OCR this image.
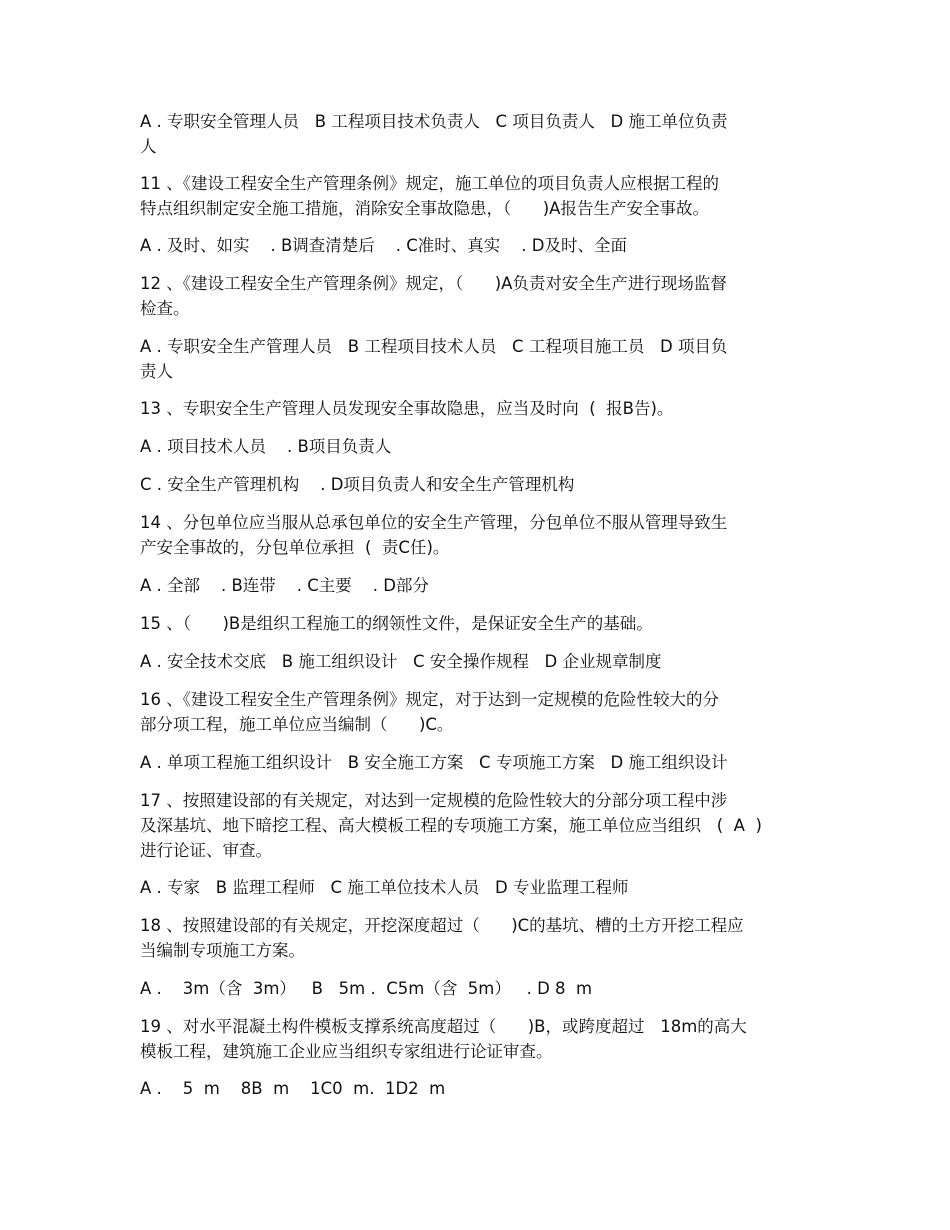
A . 专职安全管理人员   B 工程项目技术负责人   C 项目负责人   D 施工单位负责
人
11 、《建设工程安全生产管理条例》规定，施工单位的项目负责人应根据工程的
特点组织制定安全施工措施，消除安全事故隐患，（      )A报告生产安全事故。
A . 及时、如实    . B调查清楚后    . C准时、真实    . D及时、全面
12 、《建设工程安全生产管理条例》规定，（      )A负责对安全生产进行现场监督
检查。
A . 专职安全生产管理人员   B 工程项目技术人员   C 工程项目施工员   D 项目负
责人
13 、专职安全生产管理人员发现安全事故隐患，应当及时向  (  报B告)。
A . 项目技术人员    . B项目负责人
C . 安全生产管理机构    . D项目负责人和安全生产管理机构
14 、分包单位应当服从总承包单位的安全生产管理，分包单位不服从管理导致生
产安全事故的，分包单位承担  (  责C任)。
A . 全部    . B连带    . C主要    . D部分
15 、（      )B是组织工程施工的纲领性文件，是保证安全生产的基础。
A . 安全技术交底   B 施工组织设计   C 安全操作规程   D 企业规章制度
16 、《建设工程安全生产管理条例》规定，对于达到一定规模的危险性较大的分
部分项工程，施工单位应当编制（      )C。
A . 单项工程施工组织设计   B 安全施工方案   C 专项施工方案   D 施工组织设计
17 、按照建设部的有关规定，对达到一定规模的危险性较大的分部分项工程中涉
及深基坑、地下暗挖工程、高大模板工程的专项施工方案，施工单位应当组织   (  A  )
进行论证、审查。
A . 专家   B 监理工程师   C 施工单位技术人员   D 专业监理工程师
18 、按照建设部的有关规定，开挖深度超过（      )C的基坑、槽的土方开挖工程应
当编制专项施工方案。
A .    3m（含  3m）   B   5m .  C5m（含  5m）   . D 8  m
19 、对水平混凝土构件模板支撑系统高度超过（      )B，或跨度超过   18m的高大
模板工程，建筑施工企业应当组织专家组进行论证审查。
A .    5  m    8B  m    1C0  m.  1D2  m
